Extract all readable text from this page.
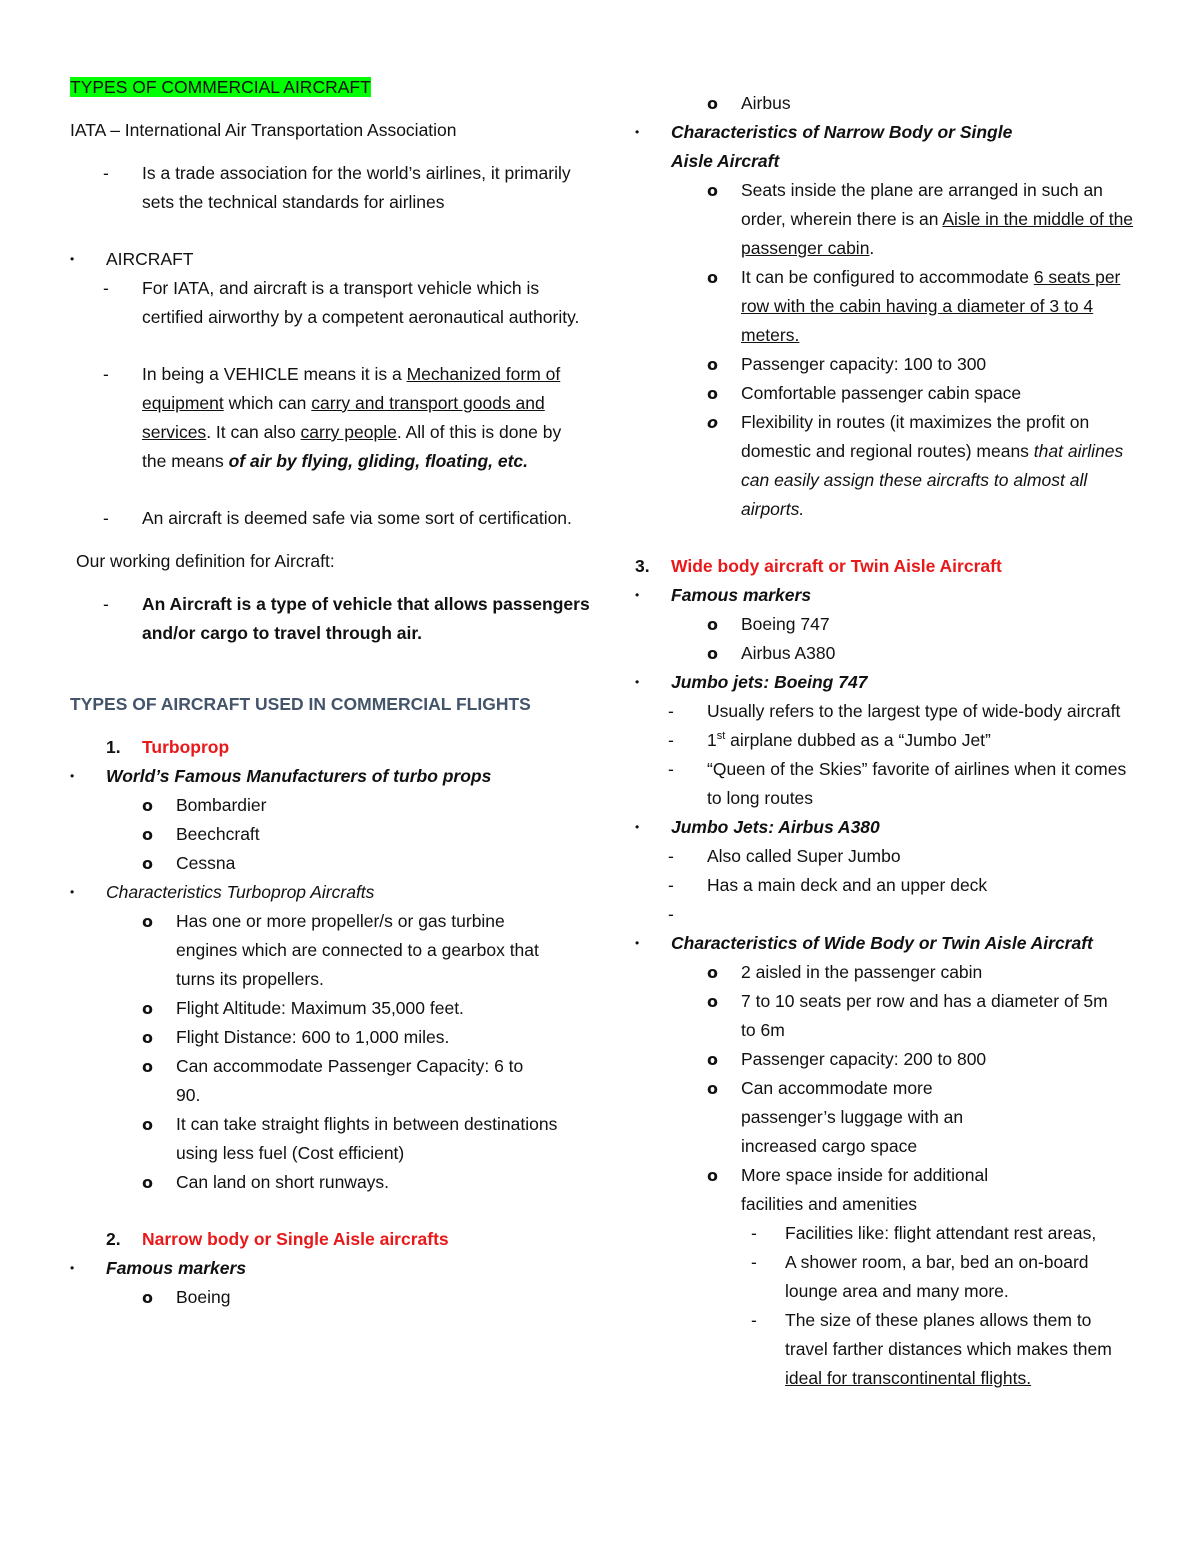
TYPES OF COMMERCIAL AIRCRAFT

IATA – International Air Transportation Association

-	Is a trade association for the world’s airlines, it primarily sets the technical standards for airlines
•	AIRCRAFT
-	For IATA, and aircraft is a transport vehicle which is certified airworthy by a competent aeronautical authority.
-	In being a VEHICLE means it is a Mechanized form of equipment which can carry and transport goods and services. It can also carry people. All of this is done by the means of air by flying, gliding, floating, etc.
-	An aircraft is deemed safe via some sort of certification.

Our working definition for Aircraft:

-	An Aircraft is a type of vehicle that allows passengers and/or cargo to travel through air.

TYPES OF AIRCRAFT USED IN COMMERCIAL FLIGHTS

1.	Turboprop
•	World’s Famous Manufacturers of turbo props
o	Bombardier
o	Beechcraft
o	Cessna
•	Characteristics Turboprop Aircrafts
o	Has one or more propeller/s or gas turbine engines which are connected to a gearbox that turns its propellers.
o	Flight Altitude: Maximum 35,000 feet.
o	Flight Distance: 600 to 1,000 miles.
o	Can accommodate Passenger Capacity: 6 to 90.
o	It can take straight flights in between destinations using less fuel (Cost efficient)
o	Can land on short runways.
2.	Narrow body or Single Aisle aircrafts
•	Famous markers
o	Boeing
o	Airbus
•	Characteristics of Narrow Body or Single Aisle Aircraft
o	Seats inside the plane are arranged in such an order, wherein there is an Aisle in the middle of the passenger cabin.
o	It can be configured to accommodate 6 seats per row with the cabin having a diameter of 3 to 4 meters.
o	Passenger capacity: 100 to 300
o	Comfortable passenger cabin space
o	Flexibility in routes (it maximizes the profit on domestic and regional routes) means that airlines can easily assign these aircrafts to almost all airports.
3.	Wide body aircraft or Twin Aisle Aircraft
•	Famous markers
o	Boeing 747
o	Airbus A380
•	Jumbo jets: Boeing 747
-	Usually refers to the largest type of wide-body aircraft
-	1st airplane dubbed as a “Jumbo Jet”
-	“Queen of the Skies” favorite of airlines when it comes to long routes
•	Jumbo Jets: Airbus A380
-	Also called Super Jumbo
-	Has a main deck and an upper deck
-
•	Characteristics of Wide Body or Twin Aisle Aircraft
o	2 aisled in the passenger cabin
o	7 to 10 seats per row and has a diameter of 5m to 6m
o	Passenger capacity: 200 to 800
o	Can accommodate more passenger’s luggage with an increased cargo space
o	More space inside for additional facilities and amenities
-	Facilities like: flight attendant rest areas,
-	A shower room, a bar, bed an on-board lounge area and many more.
-	The size of these planes allows them to travel farther distances which makes them ideal for transcontinental flights.
